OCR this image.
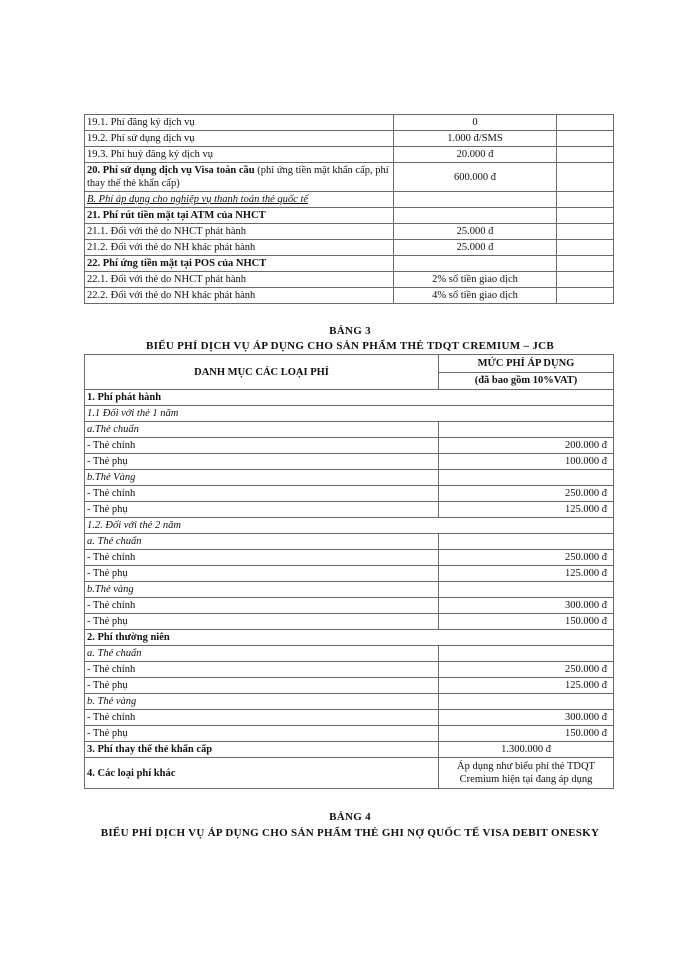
19.1. Phí đăng ký dịch vụ	0	
19.2. Phí sử dụng dịch vụ	1.000 đ/SMS	
19.3. Phí huỷ đăng ký dịch vụ	20.000 đ	
20. Phí sử dụng dịch vụ Visa toàn cầu (phí ứng tiền mặt khẩn cấp, phí thay thế thẻ khẩn cấp)	600.000 đ	
B. Phí áp dụng cho nghiệp vụ thanh toán thẻ quốc tế		
21. Phí rút tiền mặt tại ATM của NHCT		
21.1. Đối với thẻ do NHCT phát hành	25.000 đ	
21.2. Đối với thẻ do NH khác phát hành	25.000 đ	
22. Phí ứng tiền mặt tại POS của NHCT		
22.1. Đối với thẻ do NHCT phát hành	2% số tiền giao dịch	
22.2. Đối với thẻ do NH khác phát hành	4% số tiền giao dịch	
BẢNG 3
BIỂU PHÍ DỊCH VỤ ÁP DỤNG CHO SẢN PHẨM THẺ TDQT CREMIUM – JCB
DANH MỤC CÁC LOẠI PHÍ	MỨC PHÍ ÁP DỤNG
(đã bao gồm 10%VAT)

1. Phí phát hành	
1.1 Đối với thẻ 1 năm	
a.Thẻ chuẩn	
- Thẻ chính	200.000 đ
- Thẻ phụ	100.000 đ
b.Thẻ Vàng	
- Thẻ chính	250.000 đ
- Thẻ phụ	125.000 đ
1.2. Đối với thẻ 2 năm	
a. Thẻ chuẩn	
- Thẻ chính	250.000 đ
- Thẻ phụ	125.000 đ
b.Thẻ vàng	
- Thẻ chính	300.000 đ
- Thẻ phụ	150.000 đ
2. Phí thường niên	
a. Thẻ chuẩn	
- Thẻ chính	250.000 đ
- Thẻ phụ	125.000 đ
b. Thẻ vàng	
- Thẻ chính	300.000 đ
- Thẻ phụ	150.000 đ
3. Phí thay thế thẻ khẩn cấp	1.300.000 đ
4. Các loại phí khác	Áp dụng như biểu phí thẻ TDQT Cremium hiện tại đang áp dụng
BẢNG 4
BIỂU PHÍ DỊCH VỤ ÁP DỤNG CHO SẢN PHẨM THẺ GHI NỢ QUỐC TẾ VISA DEBIT ONESKY
